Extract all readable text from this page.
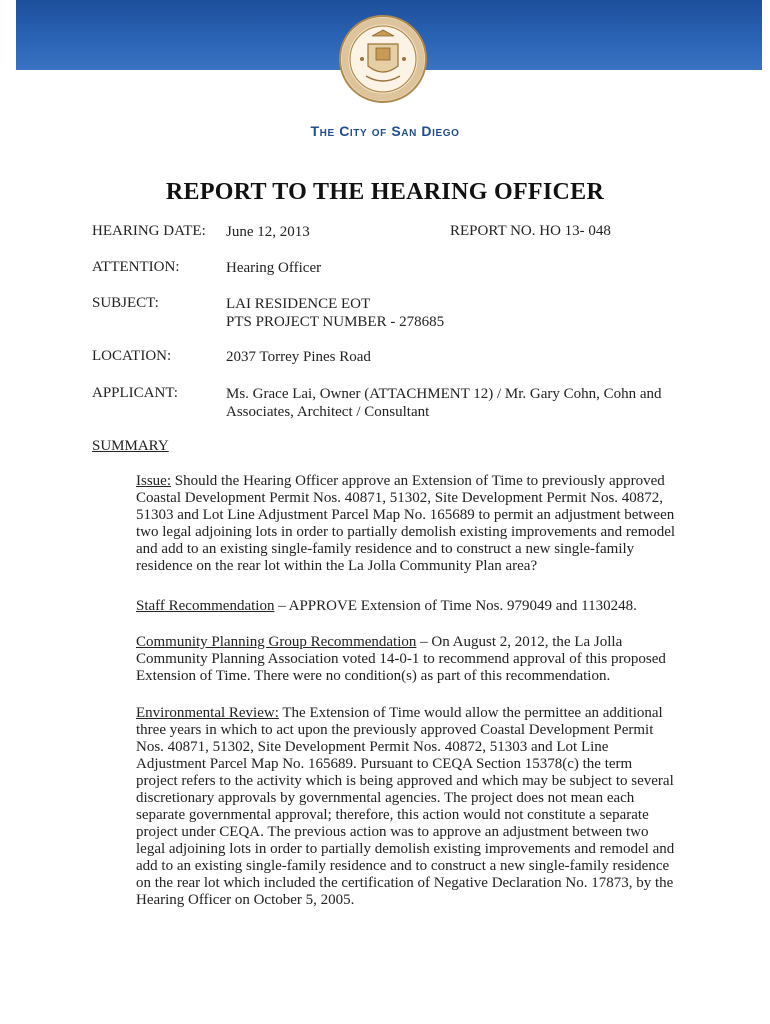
The City of San Diego
REPORT TO THE HEARING OFFICER
HEARING DATE: June 12, 2013	REPORT NO. HO 13- 048
ATTENTION:	Hearing Officer
SUBJECT:	LAI RESIDENCE EOT
PTS PROJECT NUMBER - 278685
LOCATION:	2037 Torrey Pines Road
APPLICANT:	Ms. Grace Lai, Owner (ATTACHMENT 12) / Mr. Gary Cohn, Cohn and
Associates, Architect / Consultant
SUMMARY
Issue: Should the Hearing Officer approve an Extension of Time to previously approved Coastal Development Permit Nos. 40871, 51302, Site Development Permit Nos. 40872, 51303 and Lot Line Adjustment Parcel Map No. 165689 to permit an adjustment between two legal adjoining lots in order to partially demolish existing improvements and remodel and add to an existing single-family residence and to construct a new single-family residence on the rear lot within the La Jolla Community Plan area?
Staff Recommendation – APPROVE Extension of Time Nos. 979049 and 1130248.
Community Planning Group Recommendation – On August 2, 2012, the La Jolla Community Planning Association voted 14-0-1 to recommend approval of this proposed Extension of Time. There were no condition(s) as part of this recommendation.
Environmental Review: The Extension of Time would allow the permittee an additional three years in which to act upon the previously approved Coastal Development Permit Nos. 40871, 51302, Site Development Permit Nos. 40872, 51303 and Lot Line Adjustment Parcel Map No. 165689. Pursuant to CEQA Section 15378(c) the term project refers to the activity which is being approved and which may be subject to several discretionary approvals by governmental agencies. The project does not mean each separate governmental approval; therefore, this action would not constitute a separate project under CEQA. The previous action was to approve an adjustment between two legal adjoining lots in order to partially demolish existing improvements and remodel and add to an existing single-family residence and to construct a new single-family residence on the rear lot which included the certification of Negative Declaration No. 17873, by the Hearing Officer on October 5, 2005.
